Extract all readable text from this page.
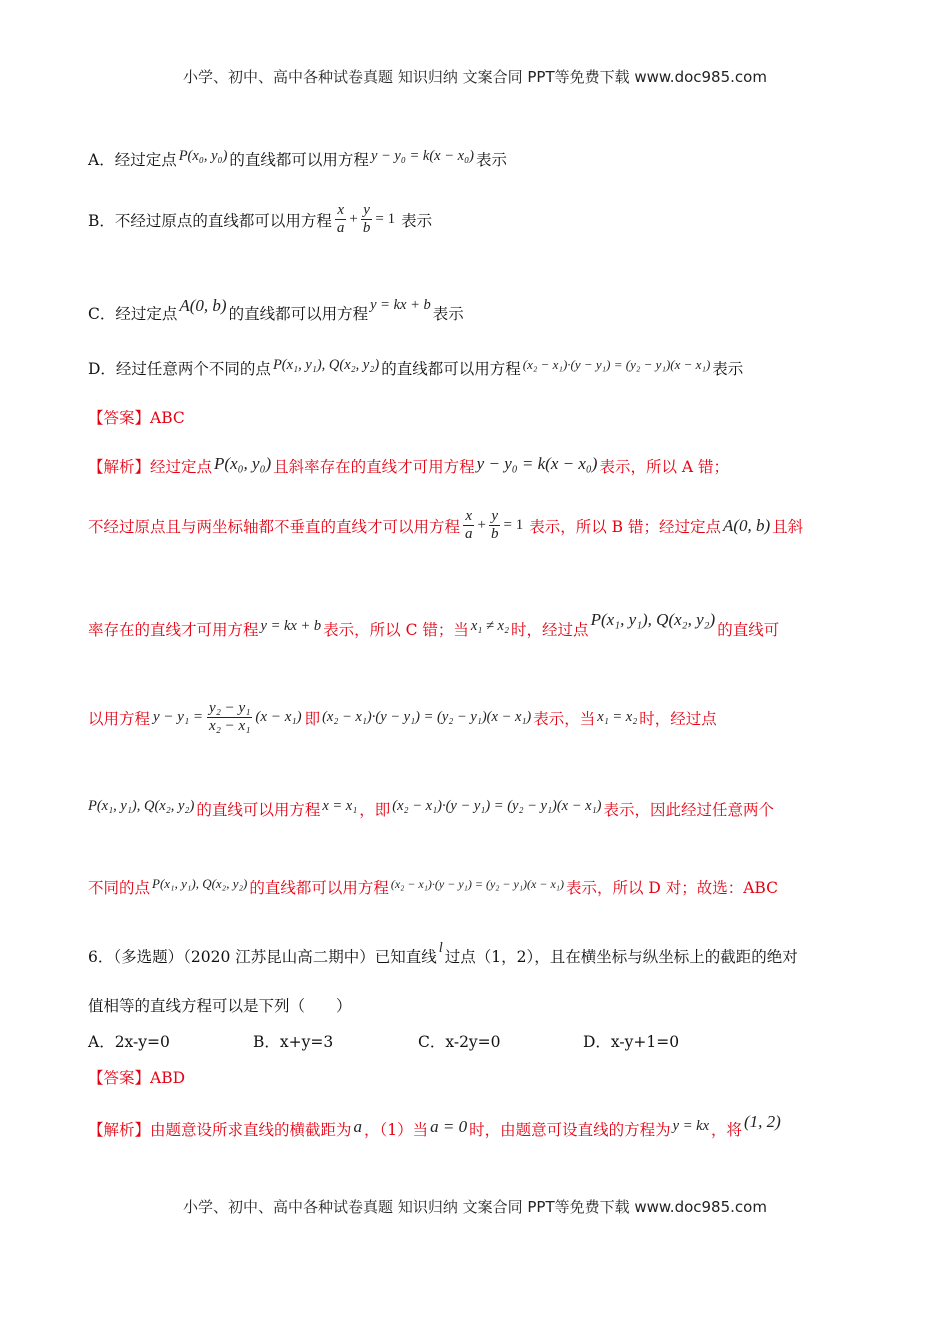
小学、初中、高中各种试卷真题 知识归纳 文案合同 PPT等免费下载 www.doc985.com
A．经过定点 P(x₀, y₀) 的直线都可以用方程 y − y₀ = k(x − x₀) 表示
B．不经过原点的直线都可以用方程 $\frac{x}{a} + \frac{y}{b} = 1$ 表示
C．经过定点 A(0, b) 的直线都可以用方程 y = kx + b 表示
D．经过任意两个不同的点 P(x₁, y₁), Q(x₂, y₂) 的直线都可以用方程 (x₂ − x₁)·(y − y₁) = (y₂ − y₁)(x − x₁) 表示
【答案】ABC
【解析】经过定点 P(x₀, y₀) 且斜率存在的直线才可用方程 y − y₀ = k(x − x₀) 表示，所以 A 错；
不经过原点且与两坐标轴都不垂直的直线才可以用方程 $\frac{x}{a} + \frac{y}{b} = 1$ 表示，所以 B 错；经过定点 A(0, b) 且斜
率存在的直线才可用方程 y = kx + b 表示，所以 C 错；当 x₁ ≠ x₂ 时，经过点P(x₁, y₁), Q(x₂, y₂)的直线可
以用方程 $y - y_1 = \frac{\text{y₂ − y₁}}{\text{x₂ − x₁}} (x - x_1)$ 即 (x₂ − x₁)·(y − y₁) = (y₂ − y₁)(x − x₁) 表示，当 x₁ = x₂ 时，经过点
P(x₁, y₁), Q(x₂, y₂) 的直线可以用方程 x = x₁ ，即 (x₂ − x₁)·(y − y₁) = (y₂ − y₁)(x − x₁) 表示，因此经过任意两个
不同的点 P(x₁, y₁), Q(x₂, y₂) 的直线都可以用方程 (x₂ − x₁)·(y − y₁) = (y₂ − y₁)(x − x₁) 表示，所以 D 对；故选：ABC
6．（多选题）（2020 江苏昆山高二期中）已知直线 l 过点（1，2），且在横坐标与纵坐标上的截距的绝对
值相等的直线方程可以是下列（　　）
A．2x-y=0	B．x+y=3	C．x-2y=0	D．x-y+1=0
【答案】ABD
【解析】由题意设所求直线的横截距为 a ，（1）当 a = 0 时，由题意可设直线的方程为 y = kx ，将 (1, 2)
小学、初中、高中各种试卷真题 知识归纳 文案合同 PPT等免费下载 www.doc985.com
